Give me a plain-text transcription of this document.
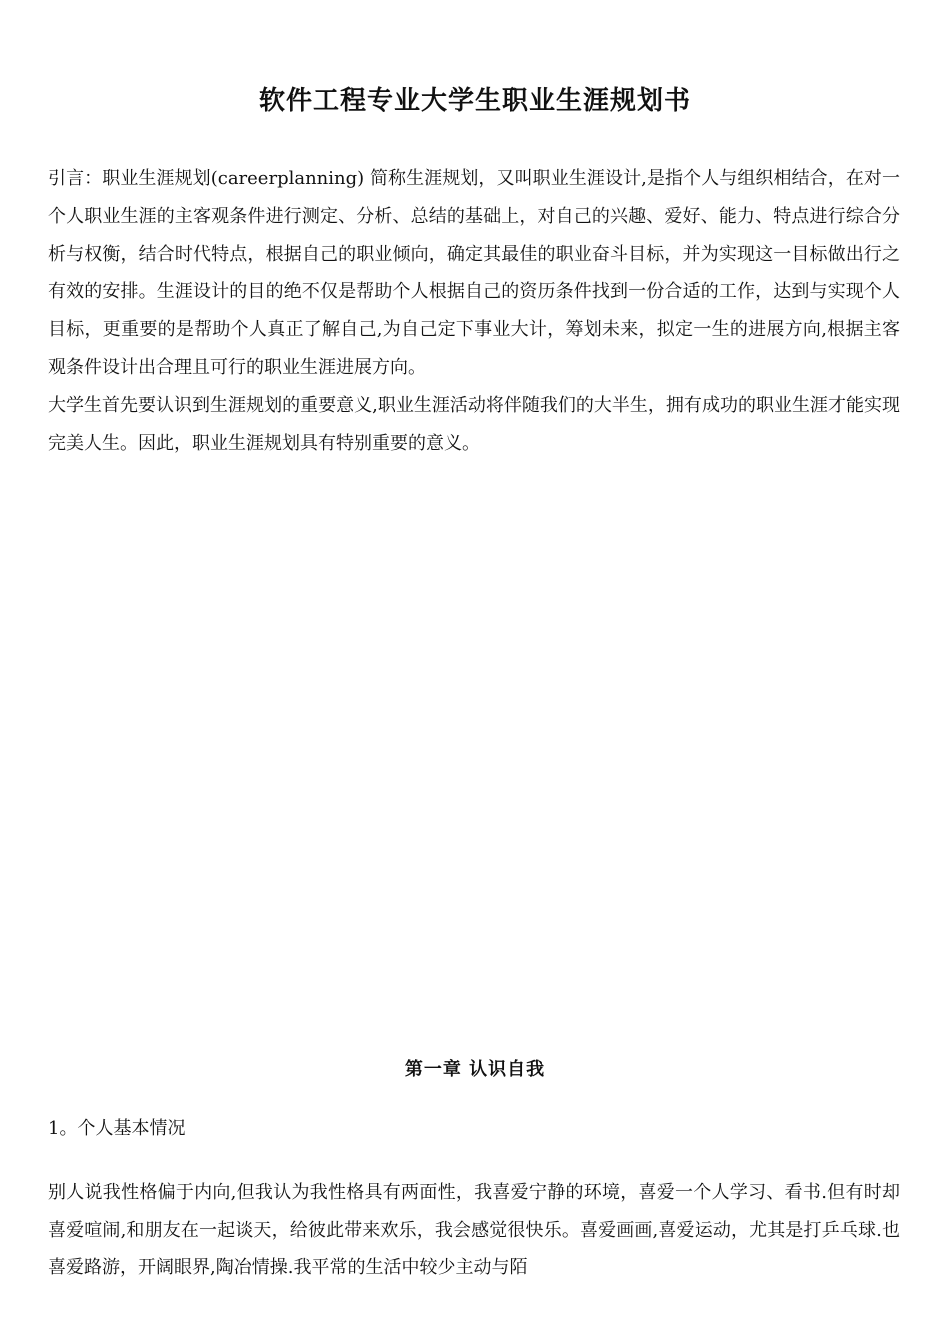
软件工程专业大学生职业生涯规划书

引言：职业生涯规划(careerplanning) 简称生涯规划，又叫职业生涯设计,是指个人与组织相结合，在对一个人职业生涯的主客观条件进行测定、分析、总结的基础上，对自己的兴趣、爱好、能力、特点进行综合分析与权衡，结合时代特点，根据自己的职业倾向，确定其最佳的职业奋斗目标，并为实现这一目标做出行之有效的安排。生涯设计的目的绝不仅是帮助个人根据自己的资历条件找到一份合适的工作，达到与实现个人目标，更重要的是帮助个人真正了解自己,为自己定下事业大计，筹划未来，拟定一生的进展方向,根据主客观条件设计出合理且可行的职业生涯进展方向。

大学生首先要认识到生涯规划的重要意义,职业生涯活动将伴随我们的大半生，拥有成功的职业生涯才能实现完美人生。因此，职业生涯规划具有特别重要的意义。

第一章 认识自我
1。个人基本情况

别人说我性格偏于内向,但我认为我性格具有两面性，我喜爱宁静的环境，喜爱一个人学习、看书.但有时却喜爱喧闹,和朋友在一起谈天，给彼此带来欢乐，我会感觉很快乐。喜爱画画,喜爱运动，尤其是打乒乓球.也喜爱路游，开阔眼界,陶冶情操.我平常的生活中较少主动与陌
